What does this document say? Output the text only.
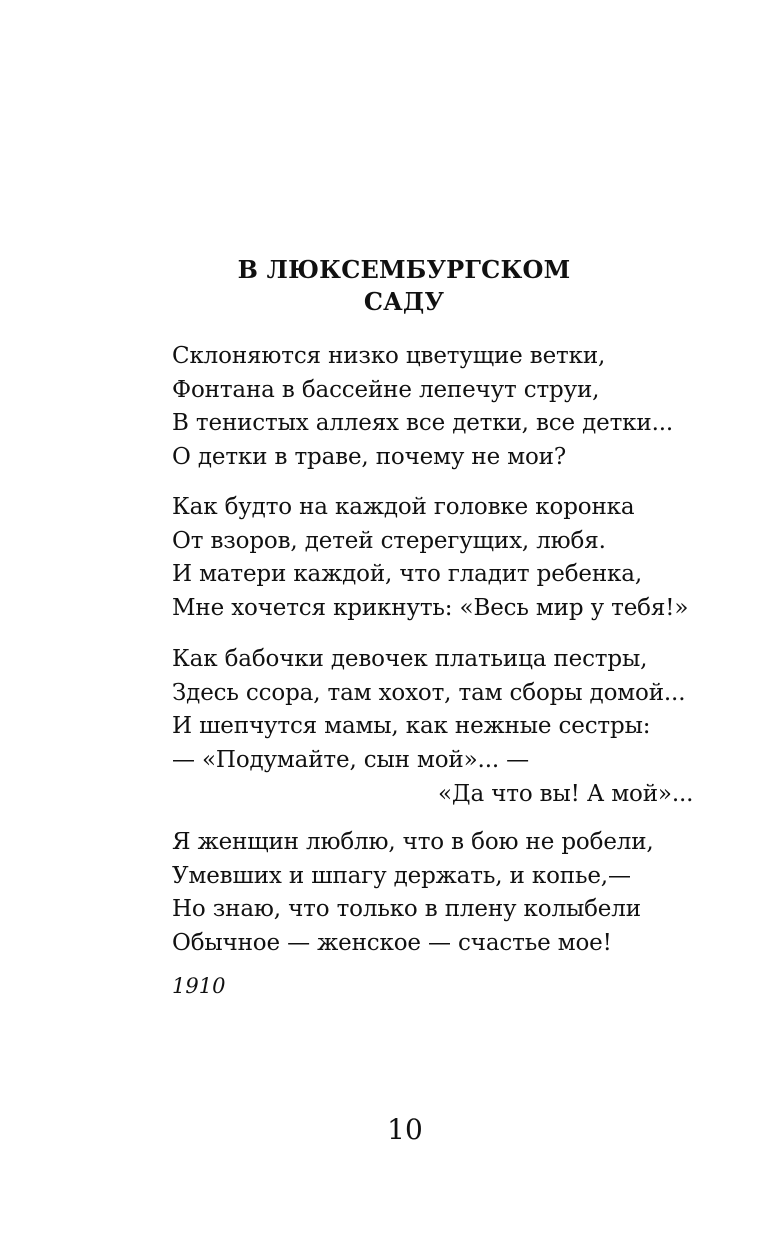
В ЛЮКСЕМБУРГСКОМ
САДУ
Склоняются низко цветущие ветки,
Фонтана в бассейне лепечут струи,
В тенистых аллеях все детки, все детки...
О детки в траве, почему не мои?
Как будто на каждой головке коронка
От взоров, детей стерегущих, любя.
И матери каждой, что гладит ребенка,
Мне хочется крикнуть: «Весь мир у тебя!»
Как бабочки девочек платьица пестры,
Здесь ссора, там хохот, там сборы домой...
И шепчутся мамы, как нежные сестры:
— «Подумайте, сын мой»... —
«Да что вы! А мой»...
Я женщин люблю, что в бою не робели,
Умевших и шпагу держать, и копье,—
Но знаю, что только в плену колыбели
Обычное — женское — счастье мое!

1910

10
